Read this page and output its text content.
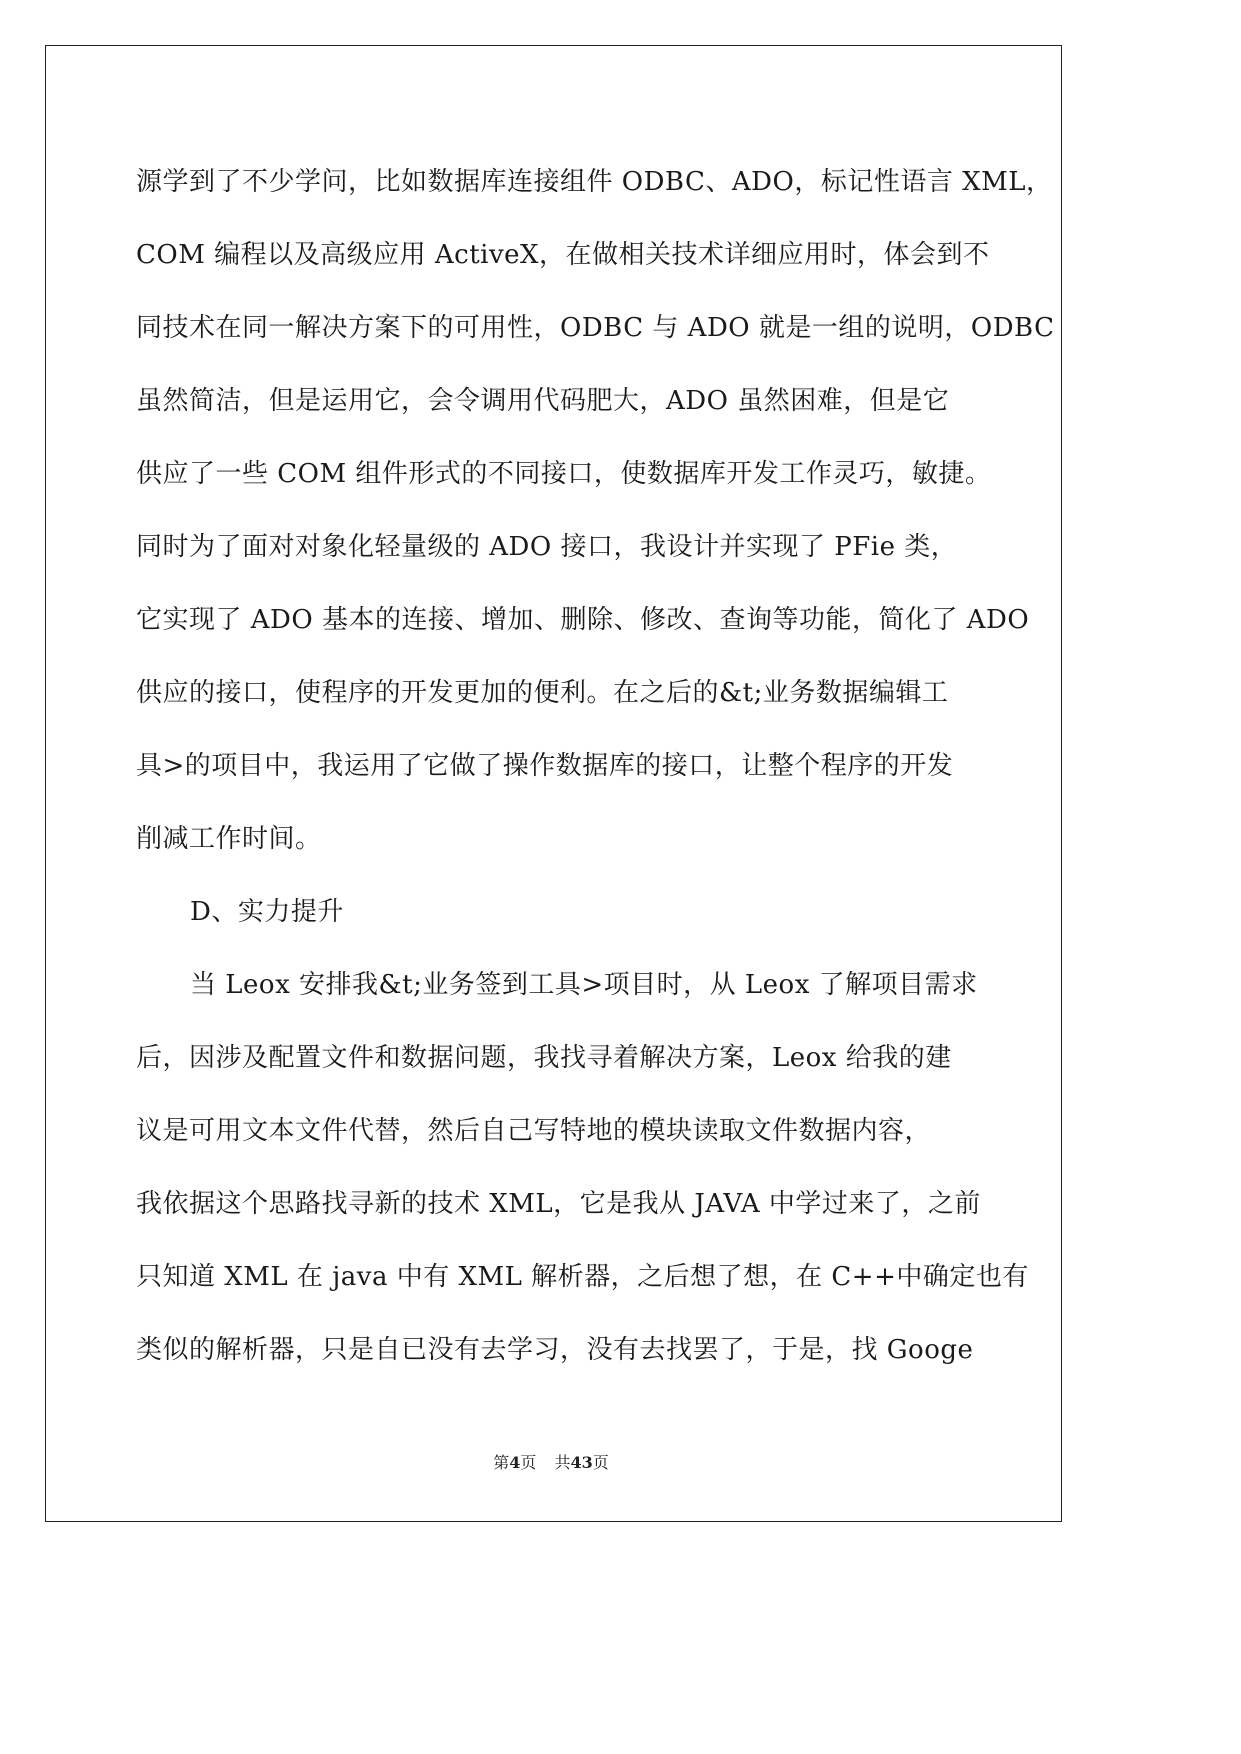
源学到了不少学问，比如数据库连接组件 ODBC、ADO，标记性语言 XML，
COM 编程以及高级应用 ActiveX，在做相关技术详细应用时，体会到不
同技术在同一解决方案下的可用性，ODBC 与 ADO 就是一组的说明，ODBC
虽然简洁，但是运用它，会令调用代码肥大，ADO 虽然困难，但是它
供应了一些 COM 组件形式的不同接口，使数据库开发工作灵巧，敏捷。
同时为了面对对象化轻量级的 ADO 接口，我设计并实现了 PFie 类，
它实现了 ADO 基本的连接、增加、删除、修改、查询等功能，简化了 ADO
供应的接口，使程序的开发更加的便利。在之后的&t;业务数据编辑工
具>的项目中，我运用了它做了操作数据库的接口，让整个程序的开发
削减工作时间。
D、实力提升
当 Leox 安排我&t;业务签到工具>项目时，从 Leox 了解项目需求
后，因涉及配置文件和数据问题，我找寻着解决方案，Leox 给我的建
议是可用文本文件代替，然后自己写特地的模块读取文件数据内容，
我依据这个思路找寻新的技术 XML，它是我从 JAVA 中学过来了，之前
只知道 XML 在 java 中有 XML 解析器，之后想了想，在 C++中确定也有
类似的解析器，只是自已没有去学习，没有去找罢了，于是，找 Googe
第4页 共43页
